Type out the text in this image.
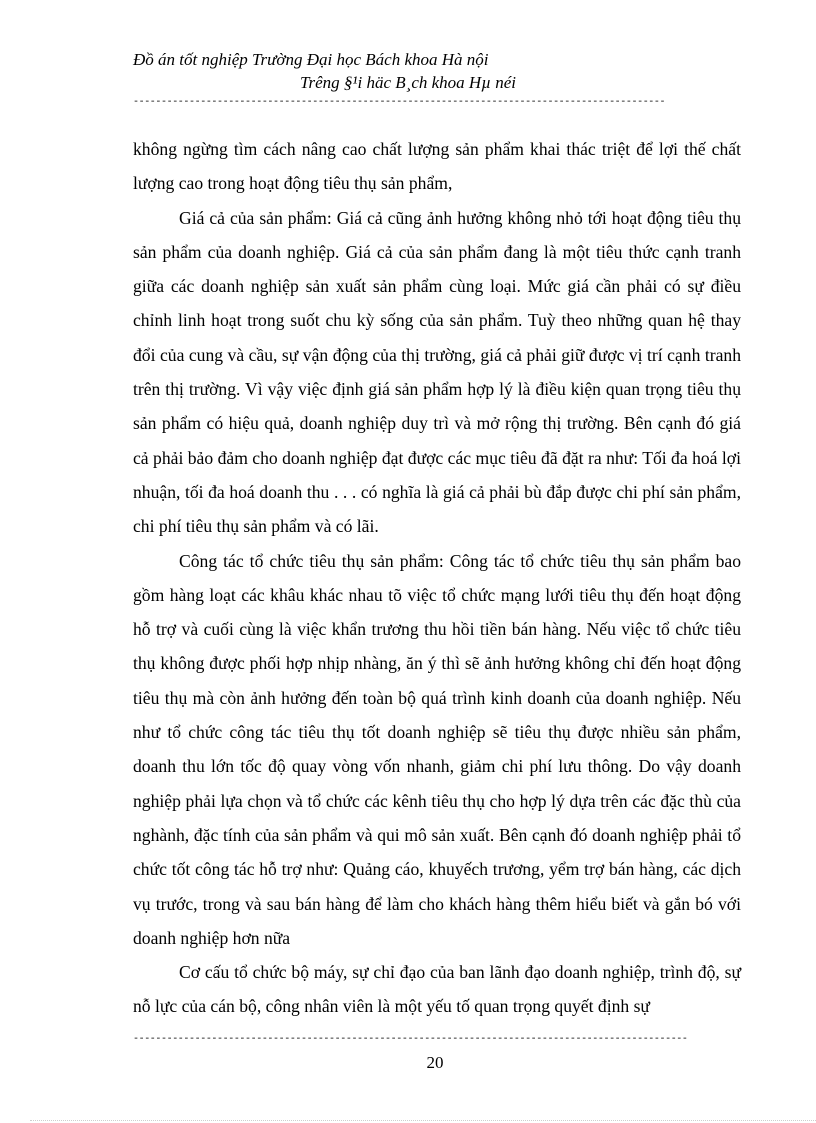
Đồ án tốt nghiệp Trường Đại học Bách khoa Hà nội
Trêng §¹i häc B¸ch khoa Hµ néi
-----------------------------------------------------------------------------------------------

không ngừng tìm cách nâng cao chất lượng sản phẩm khai thác triệt để lợi thế chất lượng cao trong hoạt động tiêu thụ sản phẩm,

Giá cả của sản phẩm: Giá cả cũng ảnh hưởng không nhỏ tới hoạt động tiêu thụ sản phẩm của doanh nghiệp. Giá cả của sản phẩm đang là một tiêu thức cạnh tranh giữa các doanh nghiệp sản xuất sản phẩm cùng loại. Mức giá cần phải có sự điều chỉnh linh hoạt trong suốt chu kỳ sống của sản phẩm. Tuỳ theo những quan hệ thay đổi của cung và cầu, sự vận động của thị trường, giá cả phải giữ được vị trí cạnh tranh trên thị trường. Vì vậy việc định giá sản phẩm hợp lý là điều kiện quan trọng tiêu thụ sản phẩm có hiệu quả, doanh nghiệp duy trì và mở rộng thị trường. Bên cạnh đó giá cả phải bảo đảm cho doanh nghiệp đạt được các mục tiêu đã đặt ra như: Tối đa hoá lợi nhuận, tối đa hoá doanh thu . . . có nghĩa là giá cả phải bù đắp được chi phí sản phẩm, chi phí tiêu thụ sản phẩm và có lãi.

Công tác tổ chức tiêu thụ sản phẩm: Công tác tổ chức tiêu thụ sản phẩm bao gồm hàng loạt các khâu khác nhau tõ việc tổ chức mạng lưới tiêu thụ đến hoạt động hỗ trợ và cuối cùng là việc khẩn trương thu hồi tiền bán hàng. Nếu việc tổ chức tiêu thụ không được phối hợp nhịp nhàng, ăn ý thì sẽ ảnh hưởng không chỉ đến hoạt động tiêu thụ mà còn ảnh hưởng đến toàn bộ quá trình kinh doanh của doanh nghiệp. Nếu như tổ chức công tác tiêu thụ tốt doanh nghiệp sẽ tiêu thụ được nhiều sản phẩm, doanh thu lớn tốc độ quay vòng vốn nhanh, giảm chi phí lưu thông. Do vậy doanh nghiệp phải lựa chọn và tổ chức các kênh tiêu thụ cho hợp lý dựa trên các đặc thù của nghành, đặc tính của sản phẩm và qui mô sản xuất. Bên cạnh đó doanh nghiệp phải tổ chức tốt công tác hỗ trợ như: Quảng cáo, khuyếch trương, yểm trợ bán hàng, các dịch vụ trước, trong và sau bán hàng để làm cho khách hàng thêm hiểu biết và gắn bó với doanh nghiệp hơn nữa

Cơ cấu tổ chức bộ máy, sự chỉ đạo của ban lãnh đạo doanh nghiệp, trình độ, sự nỗ lực của cán bộ, công nhân viên là một yếu tố quan trọng quyết định sự

---------------------------------------------------------------------------------------------------
20
